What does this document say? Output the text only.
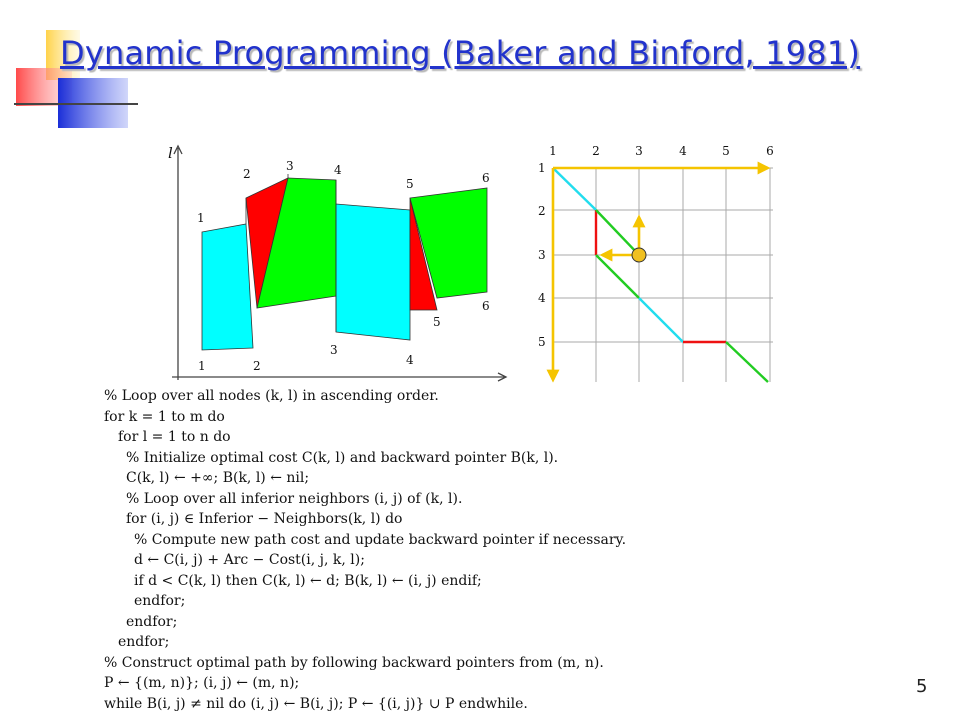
Dynamic Programming (Baker and Binford, 1981)
l
1
2
3	4
5	6
1	2
3
4
5
6
1	2	3	4	5	6
1
2
3
4
5
% Loop over all nodes (k, l) in ascending order.
for k = 1 to m do
for l = 1 to n do
% Initialize optimal cost C(k, l) and backward pointer B(k, l).
C(k, l) ← +∞; B(k, l) ← nil;
% Loop over all inferior neighbors (i, j) of (k, l).
for (i, j) ∈ Inferior − Neighbors(k, l) do
% Compute new path cost and update backward pointer if necessary.
d ← C(i, j) + Arc − Cost(i, j, k, l);
if d < C(k, l) then C(k, l) ← d; B(k, l) ← (i, j) endif;
endfor;
endfor;
endfor;
% Construct optimal path by following backward pointers from (m, n).
P ← {(m, n)}; (i, j) ← (m, n);
while B(i, j) ≠ nil do (i, j) ← B(i, j); P ← {(i, j)} ∪ P endwhile.
5
